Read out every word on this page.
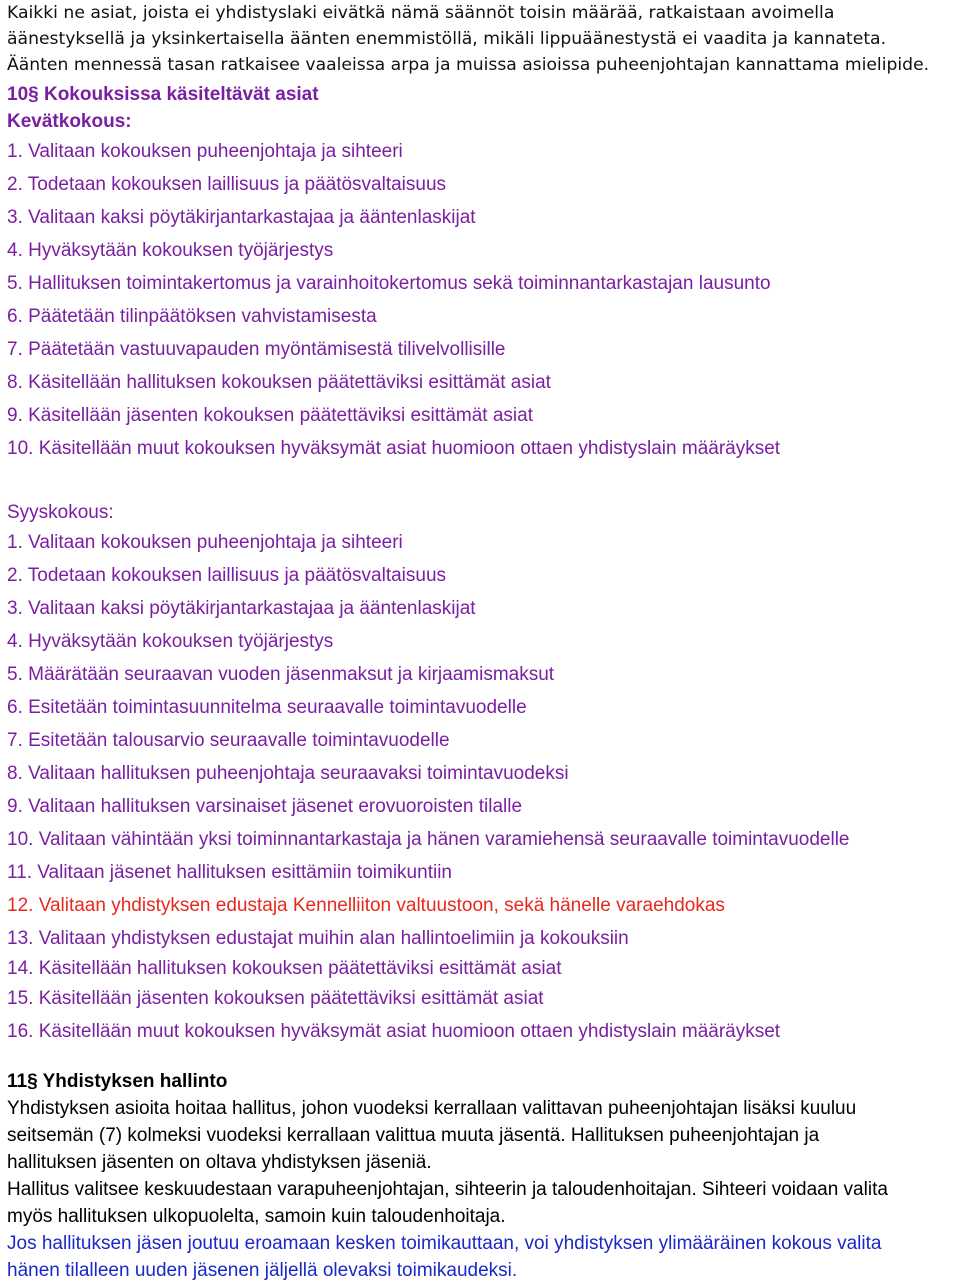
Kaikki ne asiat, joista ei yhdistyslaki eivätkä nämä säännöt toisin määrää, ratkaistaan avoimella

äänestyksellä ja yksinkertaisella äänten enemmistöllä, mikäli lippuäänestystä ei vaadita ja kannateta.

Äänten mennessä tasan ratkaisee vaaleissa arpa ja muissa asioissa puheenjohtajan kannattama mielipide.

10§ Kokouksissa käsiteltävät asiat
Kevätkokous:
1. Valitaan kokouksen puheenjohtaja ja sihteeri
2. Todetaan kokouksen laillisuus ja päätösvaltaisuus
3. Valitaan kaksi pöytäkirjantarkastajaa ja ääntenlaskijat
4. Hyväksytään kokouksen työjärjestys
5. Hallituksen toimintakertomus ja varainhoitokertomus sekä toiminnantarkastajan lausunto
6. Päätetään tilinpäätöksen vahvistamisesta
7. Päätetään vastuuvapauden myöntämisestä tilivelvollisille
8. Käsitellään hallituksen kokouksen päätettäviksi esittämät asiat
9. Käsitellään jäsenten kokouksen päätettäviksi esittämät asiat
10. Käsitellään muut kokouksen hyväksymät asiat huomioon ottaen yhdistyslain määräykset
Syyskokous:
1. Valitaan kokouksen puheenjohtaja ja sihteeri
2. Todetaan kokouksen laillisuus ja päätösvaltaisuus
3. Valitaan kaksi pöytäkirjantarkastajaa ja ääntenlaskijat
4. Hyväksytään kokouksen työjärjestys
5. Määrätään seuraavan vuoden jäsenmaksut ja kirjaamismaksut
6. Esitetään toimintasuunnitelma seuraavalle toimintavuodelle
7. Esitetään talousarvio seuraavalle toimintavuodelle
8. Valitaan hallituksen puheenjohtaja seuraavaksi toimintavuodeksi
9. Valitaan hallituksen varsinaiset jäsenet erovuoroisten tilalle
10. Valitaan vähintään yksi toiminnantarkastaja ja hänen varamiehensä seuraavalle toimintavuodelle
11. Valitaan jäsenet hallituksen esittämiin toimikuntiin
12. Valitaan yhdistyksen edustaja Kennelliiton valtuustoon, sekä hänelle varaehdokas
13. Valitaan yhdistyksen edustajat muihin alan hallintoelimiin ja kokouksiin
14. Käsitellään hallituksen kokouksen päätettäviksi esittämät asiat
15. Käsitellään jäsenten kokouksen päätettäviksi esittämät asiat
16. Käsitellään muut kokouksen hyväksymät asiat huomioon ottaen yhdistyslain määräykset
11§ Yhdistyksen hallinto
Yhdistyksen asioita hoitaa hallitus, johon vuodeksi kerrallaan valittavan puheenjohtajan lisäksi kuuluu
seitsemän (7) kolmeksi vuodeksi kerrallaan valittua muuta jäsentä. Hallituksen puheenjohtajan ja
hallituksen jäsenten on oltava yhdistyksen jäseniä.
Hallitus valitsee keskuudestaan varapuheenjohtajan, sihteerin ja taloudenhoitajan. Sihteeri voidaan valita
myös hallituksen ulkopuolelta, samoin kuin taloudenhoitaja.
Jos hallituksen jäsen joutuu eroamaan kesken toimikauttaan, voi yhdistyksen ylimääräinen kokous valita
hänen tilalleen uuden jäsenen jäljellä olevaksi toimikaudeksi.
